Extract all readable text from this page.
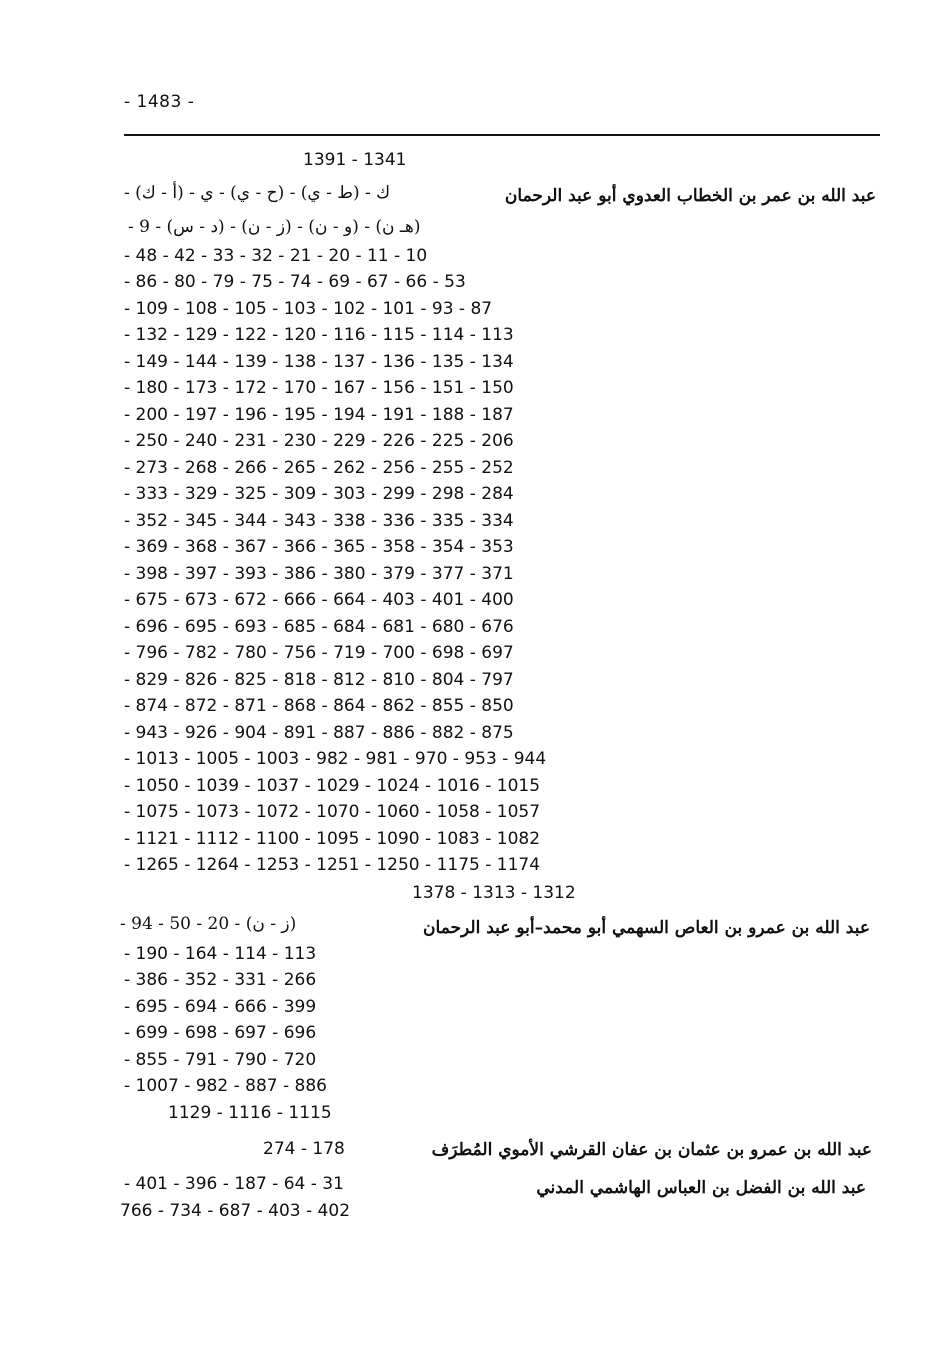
- 1483 -
1391 - 1341
عبد الله بن عمر بن الخطاب العدوي أبو عبد الرحمان
- (أ - ك) - ك - (ط - ي) - (ح - ي) - ي
- 9 - (د - س) - (ز - ن) - (و - ن) - (هـ ن)
- 48 - 42 - 33 - 32 - 21 - 20 - 11 - 10
- 86 - 80 - 79 - 75 - 74 - 69 - 67 - 66 - 53
- 109 - 108 - 105 - 103 - 102 - 101 - 93 - 87
- 132 - 129 - 122 - 120 - 116 - 115 - 114 - 113
- 149 - 144 - 139 - 138 - 137 - 136 - 135 - 134
- 180 - 173 - 172 - 170 - 167 - 156 - 151 - 150
- 200 - 197 - 196 - 195 - 194 - 191 - 188 - 187
- 250 - 240 - 231 - 230 - 229 - 226 - 225 - 206
- 273 - 268 - 266 - 265 - 262 - 256 - 255 - 252
- 333 - 329 - 325 - 309 - 303 - 299 - 298 - 284
- 352 - 345 - 344 - 343 - 338 - 336 - 335 - 334
- 369 - 368 - 367 - 366 - 365 - 358 - 354 - 353
- 398 - 397 - 393 - 386 - 380 - 379 - 377 - 371
- 675 - 673 - 672 - 666 - 664 - 403 - 401 - 400
- 696 - 695 - 693 - 685 - 684 - 681 - 680 - 676
- 796 - 782 - 780 - 756 - 719 - 700 - 698 - 697
- 829 - 826 - 825 - 818 - 812 - 810 - 804 - 797
- 874 - 872 - 871 - 868 - 864 - 862 - 855 - 850
- 943 - 926 - 904 - 891 - 887 - 886 - 882 - 875
- 1013 - 1005 - 1003 - 982 - 981 - 970 - 953 - 944
- 1050 - 1039 - 1037 - 1029 - 1024 - 1016 - 1015
- 1075 - 1073 - 1072 - 1070 - 1060 - 1058 - 1057
- 1121 - 1112 - 1100 - 1095 - 1090 - 1083 - 1082
- 1265 - 1264 - 1253 - 1251 - 1250 - 1175 - 1174
1378 - 1313 - 1312
عبد الله بن عمرو بن العاص السهمي أبو محمد–أبو عبد الرحمان
- 94 - 50 - 20 - (ز - ن)
- 190 - 164 - 114 - 113
- 386 - 352 - 331 - 266
- 695 - 694 - 666 - 399
- 699 - 698 - 697 - 696
- 855 - 791 - 790 - 720
- 1007 - 982 - 887 - 886
1129 - 1116 - 1115
عبد الله بن عمرو بن عثمان بن عفان القرشي الأموي المُطرَف
274 - 178
عبد الله بن الفضل بن العباس الهاشمي المدني
- 401 - 396 - 187 - 64 - 31
766 - 734 - 687 - 403 - 402
